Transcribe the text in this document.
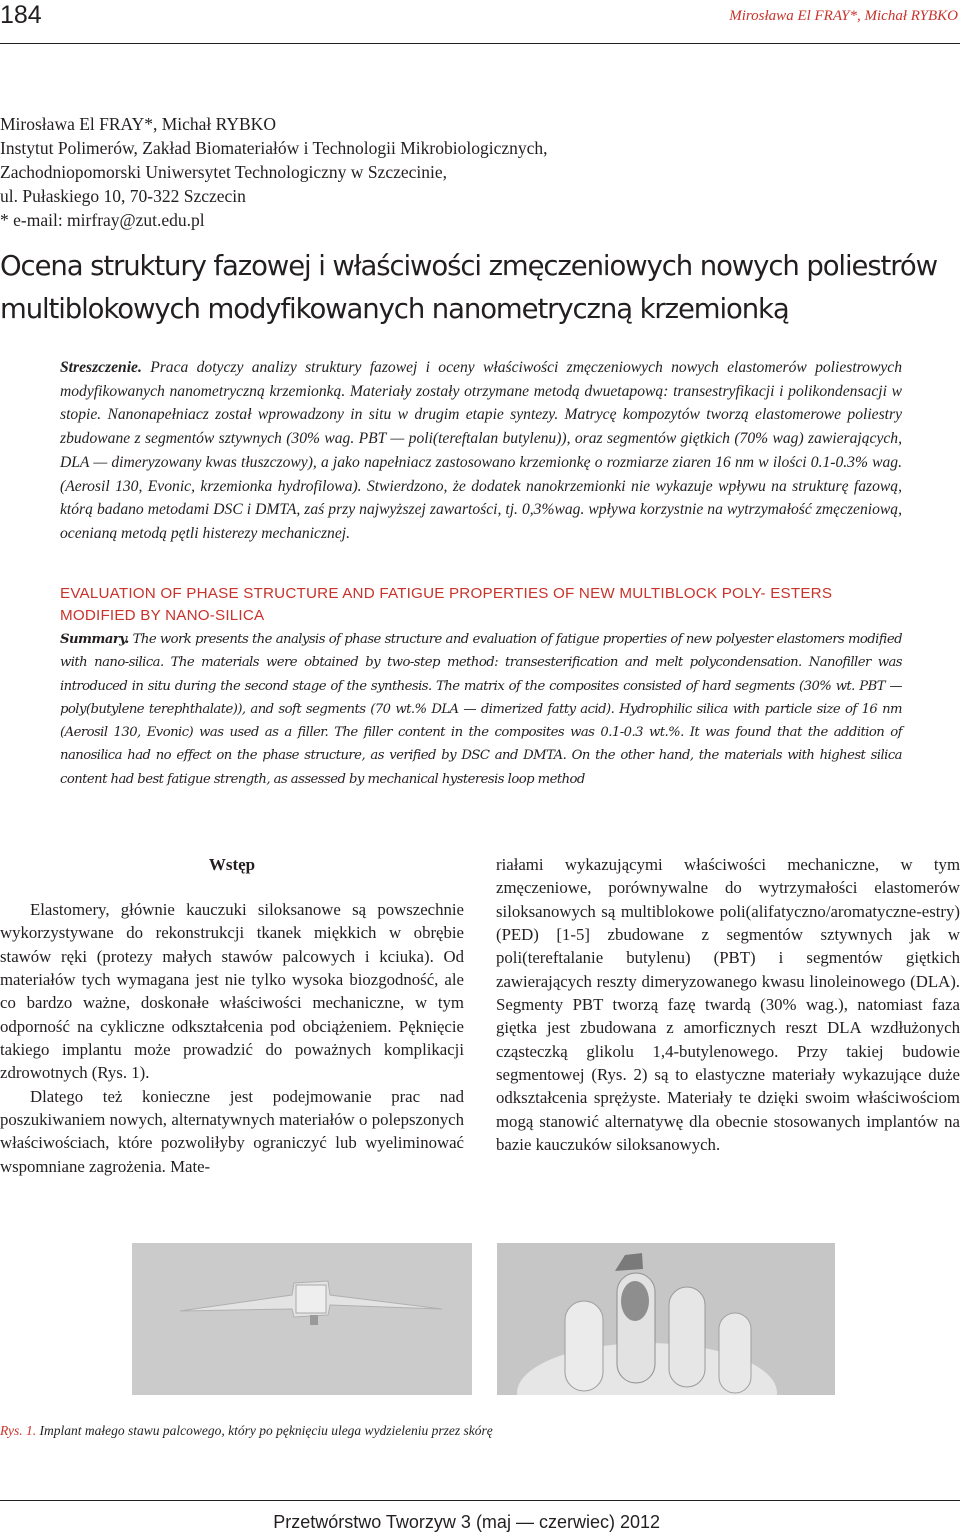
184	Mirosława El FRAY*, Michał RYBKO
Mirosława El FRAY*, Michał RYBKO
Instytut Polimerów, Zakład Biomateriałów i Technologii Mikrobiologicznych,
Zachodniopomorski Uniwersytet Technologiczny w Szczecinie,
ul. Pułaskiego 10, 70-322 Szczecin
* e-mail: mirfray@zut.edu.pl
Ocena struktury fazowej i właściwości zmęczeniowych nowych poliestrów
multiblokowych modyfikowanych nanometryczną krzemionką

Streszczenie. Praca dotyczy analizy struktury fazowej i oceny właściwości zmęczeniowych nowych elastomerów poliestrowych modyfikowanych nanometryczną krzemionką. Materiały zostały otrzymane metodą dwuetapową: transestryfikacji i polikondensacji w stopie. Nanonapełniacz został wprowadzony in situ w drugim etapie syntezy. Matrycę kompozytów tworzą elastomerowe poliestry zbudowane z segmentów sztywnych (30% wag. PBT — poli(tereftalan butylenu)), oraz segmentów giętkich (70% wag) zawierających, DLA — dimeryzowany kwas tłuszczowy), a jako napełniacz zastosowano krzemionkę o rozmiarze ziaren 16 nm w ilości 0.1-0.3% wag. (Aerosil 130, Evonic, krzemionka hydrofilowa). Stwierdzono, że dodatek nanokrzemionki nie wykazuje wpływu na strukturę fazową, którą badano metodami DSC i DMTA, zaś przy najwyższej zawartości, tj. 0,3%wag. wpływa korzystnie na wytrzymałość zmęczeniową, ocenianą metodą pętli histerezy mechanicznej.

EVALUATION OF PHASE STRUCTURE AND FATIGUE PROPERTIES OF NEW MULTIBLOCK POLY- ESTERS MODIFIED BY NANO-SILICA

Summary. The work presents the analysis of phase structure and evaluation of fatigue properties of new polyester elastomers modified with nano-silica. The materials were obtained by two-step method: transesterification and melt polycondensation. Nanofiller was introduced in situ during the second stage of the synthesis. The matrix of the composites consisted of hard segments (30% wt. PBT — poly(butylene terephthalate)), and soft segments (70 wt.% DLA — dimerized fatty acid). Hydrophilic silica with particle size of 16 nm (Aerosil 130, Evonic) was used as a filler. The filler content in the composites was 0.1-0.3 wt.%. It was found that the addition of nanosilica had no effect on the phase structure, as verified by DSC and DMTA. On the other hand, the materials with highest silica content had best fatigue strength, as assessed by mechanical hysteresis loop method

Wstęp

Elastomery, głównie kauczuki siloksanowe są powszechnie wykorzystywane do rekonstrukcji tkanek miękkich w obrębie stawów ręki (protezy małych stawów palcowych i kciuka). Od materiałów tych wymagana jest nie tylko wysoka biozgodność, ale co bardzo ważne, doskonałe właściwości mechaniczne, w tym odporność na cykliczne odkształcenia pod obciążeniem. Pęknięcie takiego implantu może prowadzić do poważnych komplikacji zdrowotnych (Rys. 1).

Dlatego też konieczne jest podejmowanie prac nad poszukiwaniem nowych, alternatywnych materiałów o polepszonych właściwościach, które pozwoliłyby ograniczyć lub wyeliminować wspomniane zagrożenia. Mate-

riałami wykazującymi właściwości mechaniczne, w tym zmęczeniowe, porównywalne do wytrzymałości elastomerów siloksanowych są multiblokowe poli(alifatyczno/aromatyczne-estry) (PED) [1-5] zbudowane z segmentów sztywnych jak w poli(tereftalanie butylenu) (PBT) i segmentów giętkich zawierających reszty dimeryzowanego kwasu linoleinowego (DLA). Segmenty PBT tworzą fazę twardą (30% wag.), natomiast faza giętka jest zbudowana z amorficznych reszt DLA wzdłużonych cząsteczką glikolu 1,4-butylenowego. Przy takiej budowie segmentowej (Rys. 2) są to elastyczne materiały wykazujące duże odkształcenia sprężyste. Materiały te dzięki swoim właściwościom mogą stanowić alternatywę dla obecnie stosowanych implantów na bazie kauczuków siloksanowych.

Rys. 1. Implant małego stawu palcowego, który po pęknięciu ulega wydzieleniu przez skórę
Przetwórstwo Tworzyw 3 (maj — czerwiec) 2012
